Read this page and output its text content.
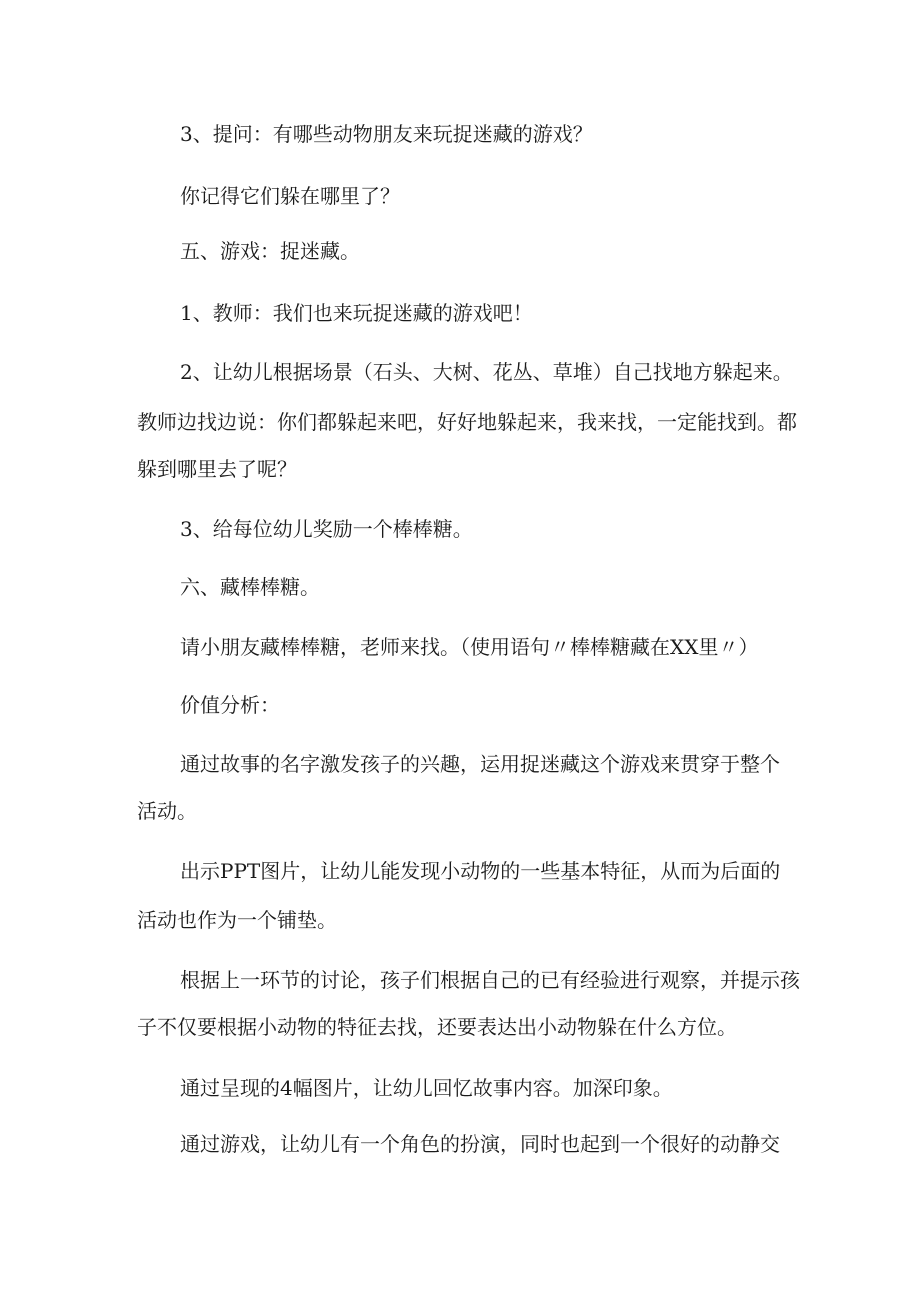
3、提问：有哪些动物朋友来玩捉迷藏的游戏？

你记得它们躲在哪里了？

五、游戏：捉迷藏。

1、教师：我们也来玩捉迷藏的游戏吧！

2、让幼儿根据场景（石头、大树、花丛、草堆）自己找地方躲起来。

教师边找边说：你们都躲起来吧，好好地躲起来，我来找，一定能找到。都

躲到哪里去了呢？

3、给每位幼儿奖励一个棒棒糖。

六、藏棒棒糖。

请小朋友藏棒棒糖，老师来找。（使用语句〃棒棒糖藏在XX里〃）

价值分析：

通过故事的名字激发孩子的兴趣，运用捉迷藏这个游戏来贯穿于整个

活动。

出示PPT图片，让幼儿能发现小动物的一些基本特征，从而为后面的

活动也作为一个铺垫。

根据上一环节的讨论，孩子们根据自己的已有经验进行观察，并提示孩

子不仅要根据小动物的特征去找，还要表达出小动物躲在什么方位。

通过呈现的4幅图片，让幼儿回忆故事内容。加深印象。

通过游戏，让幼儿有一个角色的扮演，同时也起到一个很好的动静交
